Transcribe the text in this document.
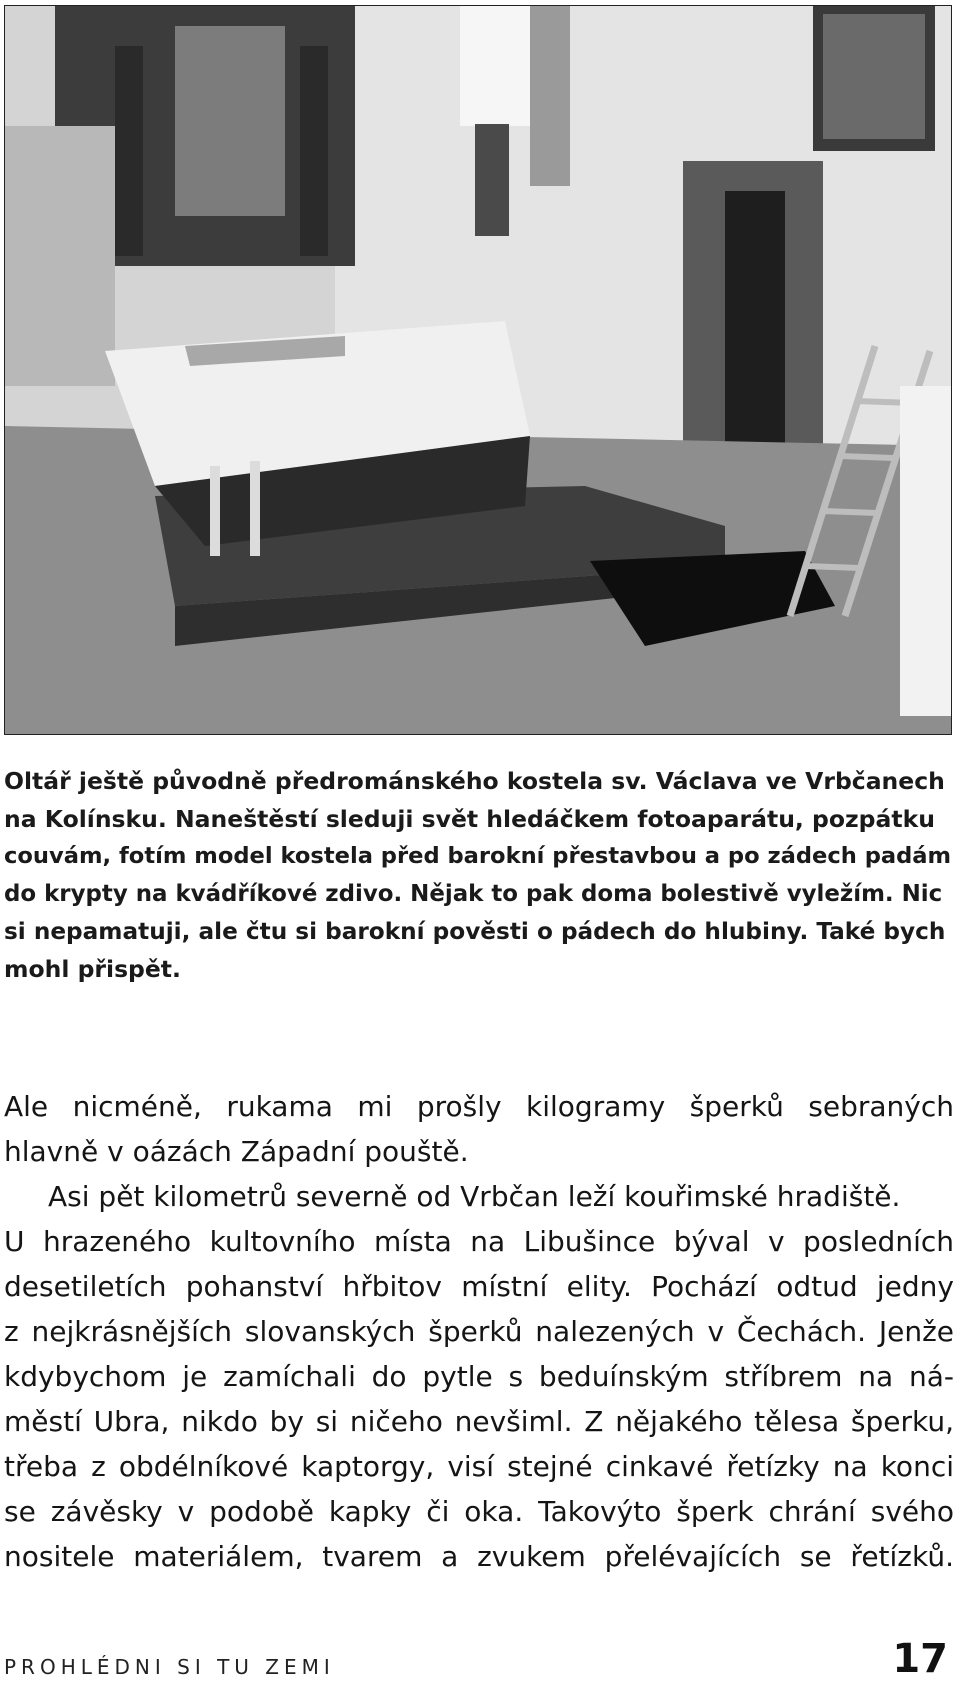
Oltář ještě původně předrománského kostela sv. Václava ve Vrbčanech
na Kolínsku. Naneštěstí sleduji svět hledáčkem fotoaparátu, pozpátku
couvám, fotím model kostela před barokní přestavbou a po zádech padám
do krypty na kvádříkové zdivo. Nějak to pak doma bolestivě vyležím. Nic
si nepamatuji, ale čtu si barokní pověsti o pádech do hlubiny. Také bych
mohl přispět.
Ale nicméně, rukama mi prošly kilogramy šperků sebraných
hlavně v oázách Západní pouště.
Asi pět kilometrů severně od Vrbčan leží kouřimské hradiště.
U hrazeného kultovního místa na Libušince býval v posledních
desetiletích pohanství hřbitov místní elity. Pochází odtud jedny
z nejkrásnějších slovanských šperků nalezených v Čechách. Jenže
kdybychom je zamíchali do pytle s beduínským stříbrem na ná-
městí Ubra, nikdo by si ničeho nevšiml. Z nějakého tělesa šperku,
třeba z obdélníkové kaptorgy, visí stejné cinkavé řetízky na konci
se závěsky v podobě kapky či oka. Takovýto šperk chrání svého
nositele materiálem, tvarem a zvukem přelévajících se řetízků.
PROHLÉDNI SI TU ZEMI	17
